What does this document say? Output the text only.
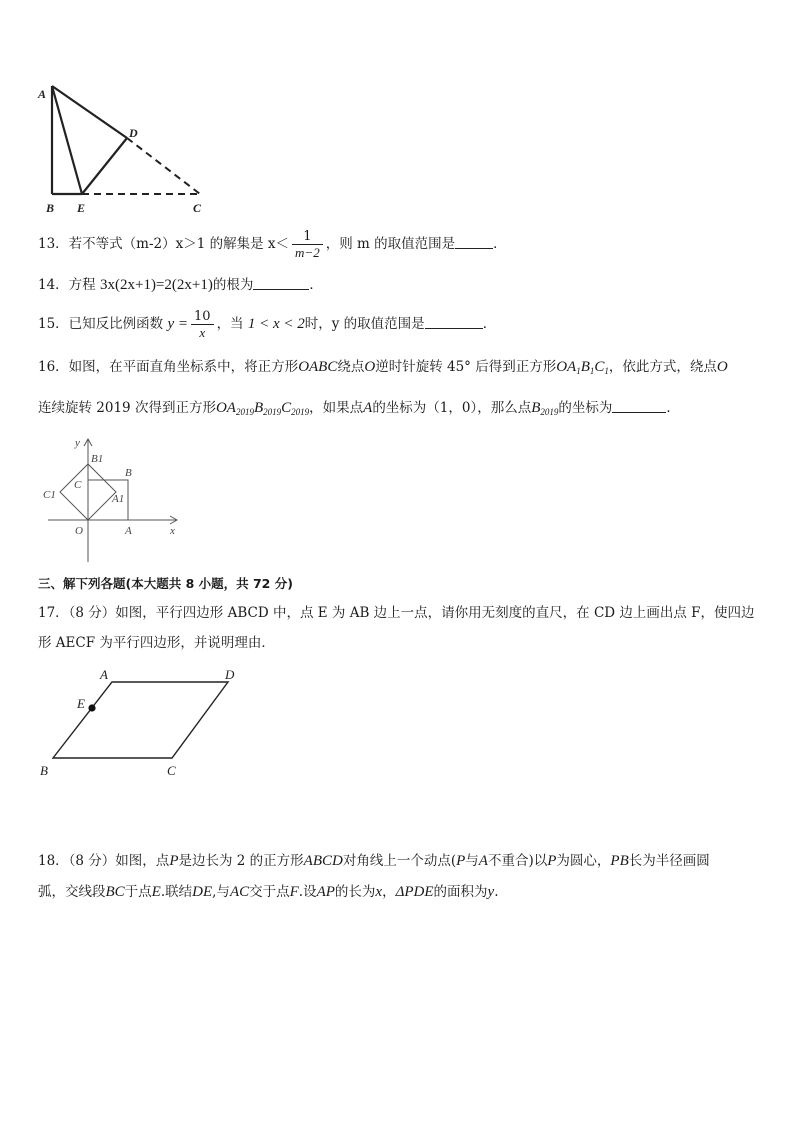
A
B E
D
C
13．若不等式（m-2）x＞1 的解集是 $x< \frac{1}{m-2}$ ，则 m 的取值范围是	．
14．方程 3x(2x+1)=2(2x+1)的根为	．
15．已知反比例函数 $y = \frac{10}{x}$ ，当 1 < x < 2时，y 的取值范围是	．
16．如图，在平面直角坐标系中，将正方形OABC绕点O逆时针旋转 45° 后得到正方形$OA_1B_1C_1$，依此方式，绕点O
连续旋转 2019 次得到正方形$OA_{2019}B_{2019}C_{2019}$，如果点A的坐标为（1，0），那么点$B_{2019}$的坐标为	．
y
x
O	A
B
C
B1
C1	A1
三、解下列各题(本大题共 8 小题，共 72 分)
17．（8 分）如图，平行四边形 ABCD 中，点 E 为 AB 边上一点，请你用无刻度的直尺，在 CD 边上画出点 F，使四边
形 AECF 为平行四边形，并说明理由．
A	D
E
B	C
18．（8 分）如图，点P是边长为 2 的正方形ABCD对角线上一个动点(P与A不重合)以P为圆心，PB长为半径画圆
弧，交线段BC于点E.联结DE,与AC交于点F.设AP的长为x，ΔPDE的面积为y.
